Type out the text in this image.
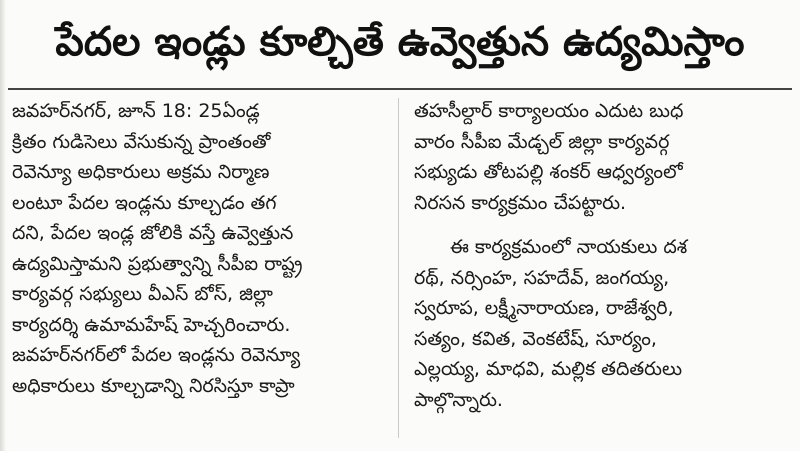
పేదల ఇండ్లు కూల్చితే ఉవ్వెత్తున ఉద్యమిస్తాం
జవహర్‌నగర్, జూన్ 18: 25ఏండ్ల
క్రితం గుడిసెలు వేసుకున్న ప్రాంతంతో
రెవెన్యూ అధికారులు అక్రమ నిర్మాణ
లంటూ పేదల ఇండ్లను కూల్చడం తగ
దని, పేదల ఇండ్ల జోలికి వస్తే ఉవ్వెత్తున
ఉద్యమిస్తామని ప్రభుత్వాన్ని సీపీఐ రాష్ట్ర
కార్యవర్గ సభ్యులు వీఎస్ బోస్, జిల్లా
కార్యదర్శి ఉమామహేష్ హెచ్చరించారు.
జవహర్‌నగర్‌లో పేదల ఇండ్లను రెవెన్యూ
అధికారులు కూల్చడాన్ని నిరసిస్తూ కాప్రా
తహసీల్దార్ కార్యాలయం ఎదుట బుధ
వారం సీపీఐ మేడ్చల్ జిల్లా కార్యవర్గ
సభ్యుడు తోటపల్లి శంకర్ ఆధ్వర్యంలో
నిరసన కార్యక్రమం చేపట్టారు.
ఈ కార్యక్రమంలో నాయకులు దశ
రథ్, నర్సింహ, సహదేవ్, జంగయ్య,
స్వరూప, లక్ష్మీనారాయణ, రాజేశ్వరి,
సత్యం, కవిత, వెంకటేష్, సూర్యం,
ఎల్లయ్య, మాధవి, మల్లిక తదితరులు
పాల్గొన్నారు.
